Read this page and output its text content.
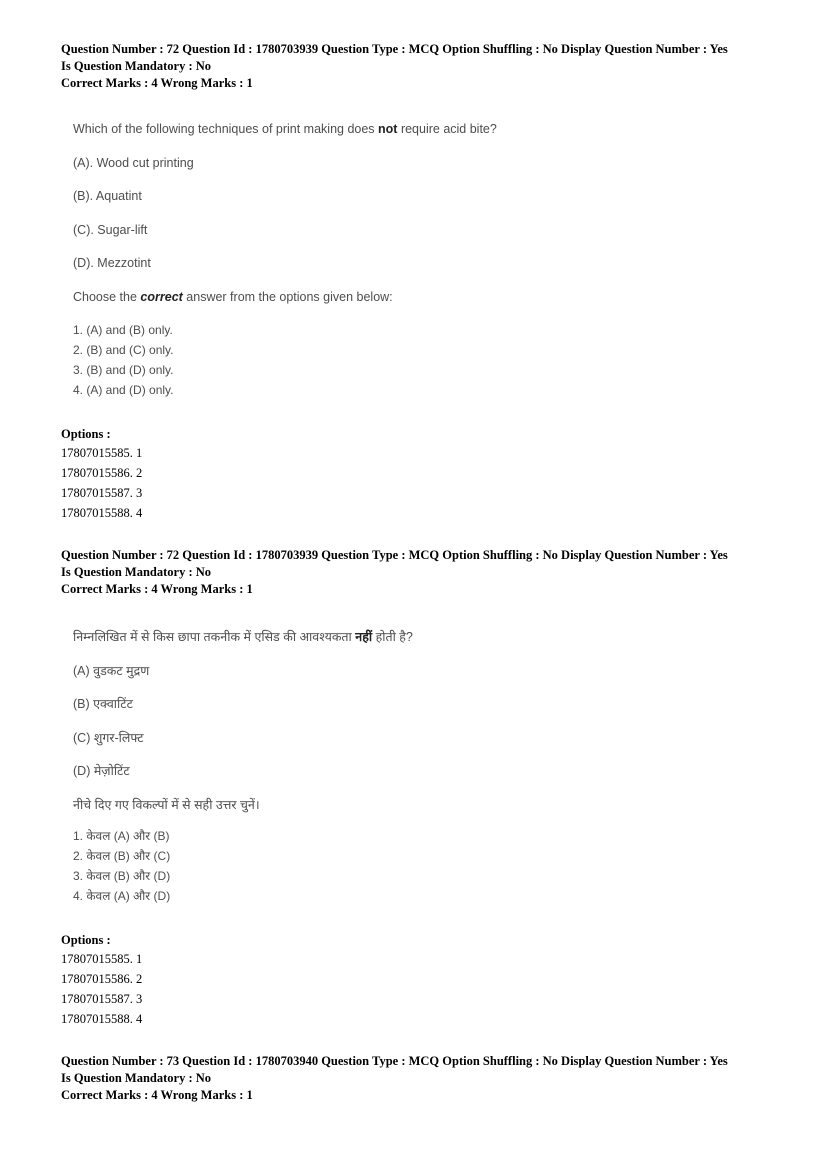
Question Number : 72 Question Id : 1780703939 Question Type : MCQ Option Shuffling : No Display Question Number : Yes
Is Question Mandatory : No
Correct Marks : 4 Wrong Marks : 1
Which of the following techniques of print making does not require acid bite?
(A). Wood cut printing
(B). Aquatint
(C). Sugar-lift
(D). Mezzotint
Choose the correct answer from the options given below:
1. (A) and (B) only.
2. (B) and (C) only.
3. (B) and (D) only.
4. (A) and (D) only.
Options :
17807015585. 1
17807015586. 2
17807015587. 3
17807015588. 4
Question Number : 72 Question Id : 1780703939 Question Type : MCQ Option Shuffling : No Display Question Number : Yes
Is Question Mandatory : No
Correct Marks : 4 Wrong Marks : 1
निम्नलिखित में से किस छापा तकनीक में एसिड की आवश्यकता नहीं होती है?
(A) वुडकट मुद्रण
(B) एक्वाटिंट
(C) शुगर-लिफ्ट
(D) मेज़ोटिंट
नीचे दिए गए विकल्पों में से सही उत्तर चुनें।
1. केवल (A) और (B)
2. केवल (B) और (C)
3. केवल (B) और (D)
4. केवल (A) और (D)
Options :
17807015585. 1
17807015586. 2
17807015587. 3
17807015588. 4
Question Number : 73 Question Id : 1780703940 Question Type : MCQ Option Shuffling : No Display Question Number : Yes
Is Question Mandatory : No
Correct Marks : 4 Wrong Marks : 1
